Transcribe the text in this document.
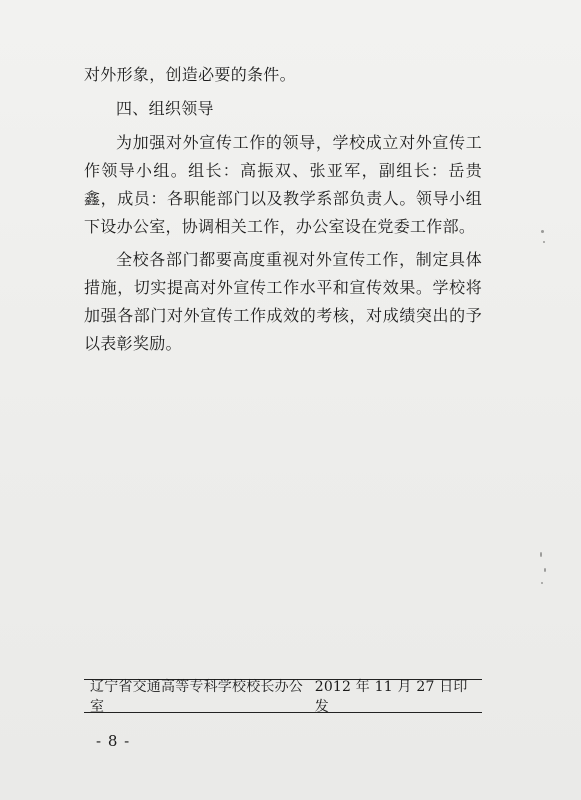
对外形象，创造必要的条件。

四、组织领导

为加强对外宣传工作的领导，学校成立对外宣传工作领导小组。组长：高振双、张亚军，副组长：岳贵鑫，成员：各职能部门以及教学系部负责人。领导小组下设办公室，协调相关工作，办公室设在党委工作部。

全校各部门都要高度重视对外宣传工作，制定具体措施，切实提高对外宣传工作水平和宣传效果。学校将加强各部门对外宣传工作成效的考核，对成绩突出的予以表彰奖励。

辽宁省交通高等专科学校校长办公室
2012 年 11 月 27 日印发
- 8 -
